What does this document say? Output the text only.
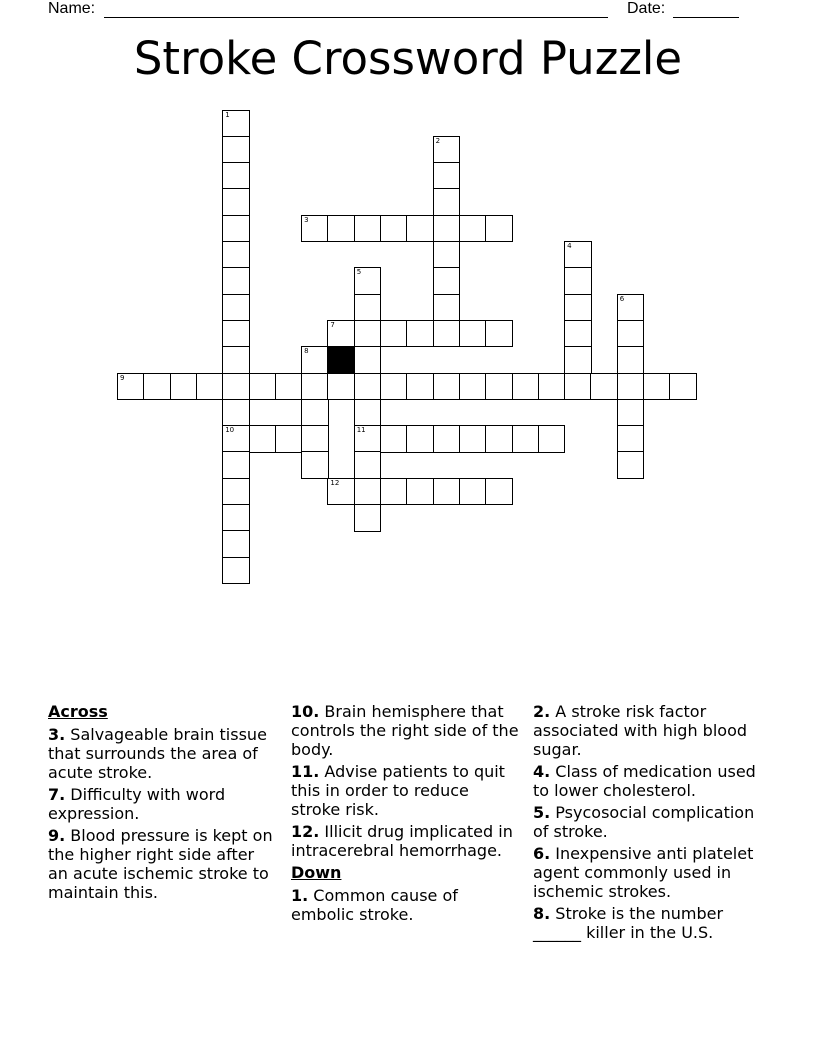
Name:	Date:
Stroke Crossword Puzzle
1
10
2
3
4
5
11
6
7
8
9
12
Across
3. Salvageable brain tissue that surrounds the area of acute stroke.
7. Difficulty with word expression.
9. Blood pressure is kept on the higher right side after an acute ischemic stroke to maintain this.
10. Brain hemisphere that controls the right side of the body.
11. Advise patients to quit this in order to reduce stroke risk.
12. Illicit drug implicated in intracerebral hemorrhage.
Down
1. Common cause of embolic stroke.
2. A stroke risk factor associated with high blood sugar.
4. Class of medication used to lower cholesterol.
5. Psycosocial complication of stroke.
6. Inexpensive anti platelet agent commonly used in ischemic strokes.
8. Stroke is the number ______ killer in the U.S.
